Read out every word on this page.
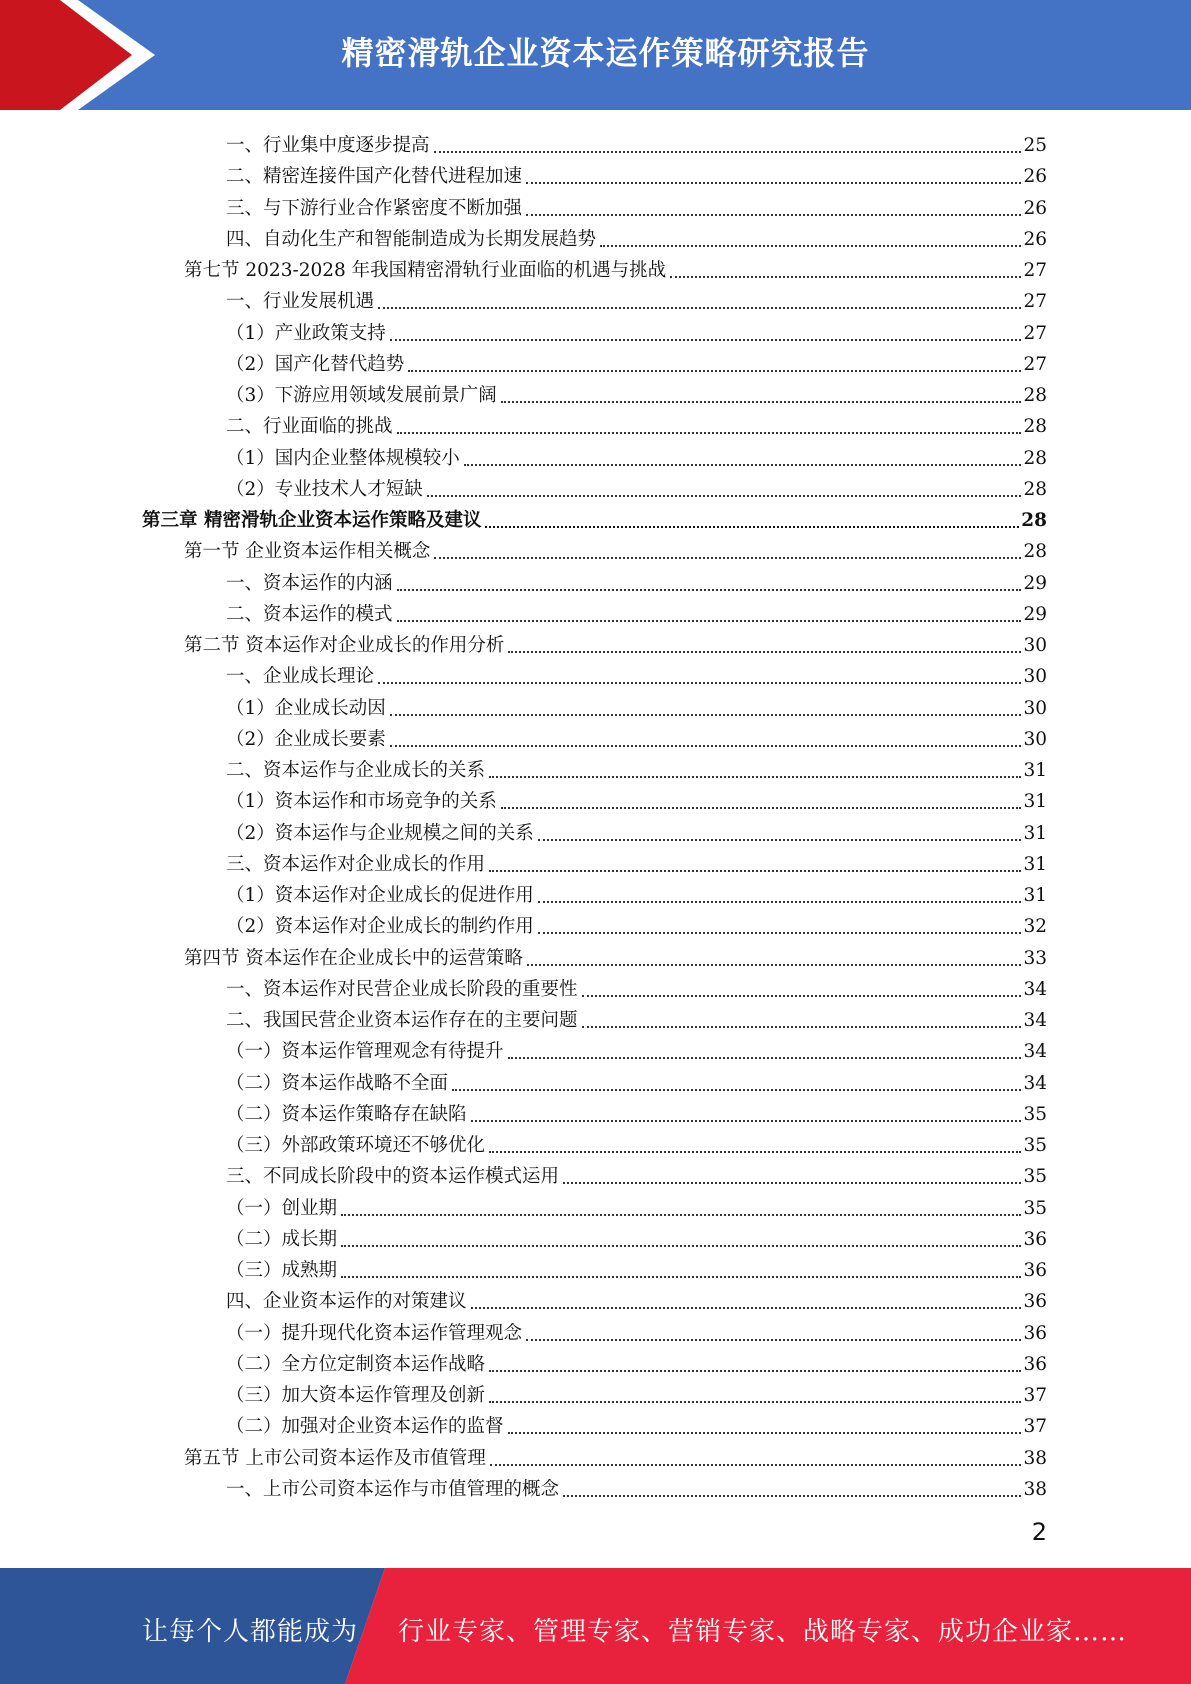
精密滑轨企业资本运作策略研究报告
一、行业集中度逐步提高	25
二、精密连接件国产化替代进程加速	26
三、与下游行业合作紧密度不断加强	26
四、自动化生产和智能制造成为长期发展趋势	26
第七节 2023-2028 年我国精密滑轨行业面临的机遇与挑战	27
一、行业发展机遇	27
（1）产业政策支持	27
（2）国产化替代趋势	27
（3）下游应用领域发展前景广阔	28
二、行业面临的挑战	28
（1）国内企业整体规模较小	28
（2）专业技术人才短缺	28
第三章 精密滑轨企业资本运作策略及建议	28
第一节 企业资本运作相关概念	28
一、资本运作的内涵	29
二、资本运作的模式	29
第二节 资本运作对企业成长的作用分析	30
一、企业成长理论	30
（1）企业成长动因	30
（2）企业成长要素	30
二、资本运作与企业成长的关系	31
（1）资本运作和市场竞争的关系	31
（2）资本运作与企业规模之间的关系	31
三、资本运作对企业成长的作用	31
（1）资本运作对企业成长的促进作用	31
（2）资本运作对企业成长的制约作用	32
第四节 资本运作在企业成长中的运营策略	33
一、资本运作对民营企业成长阶段的重要性	34
二、我国民营企业资本运作存在的主要问题	34
（一）资本运作管理观念有待提升	34
（二）资本运作战略不全面	34
（二）资本运作策略存在缺陷	35
（三）外部政策环境还不够优化	35
三、不同成长阶段中的资本运作模式运用	35
（一）创业期	35
（二）成长期	36
（三）成熟期	36
四、企业资本运作的对策建议	36
（一）提升现代化资本运作管理观念	36
（二）全方位定制资本运作战略	36
（三）加大资本运作管理及创新	37
（二）加强对企业资本运作的监督	37
第五节 上市公司资本运作及市值管理	38
一、上市公司资本运作与市值管理的概念	38
2
让每个人都能成为 行业专家、管理专家、营销专家、战略专家、成功企业家……
